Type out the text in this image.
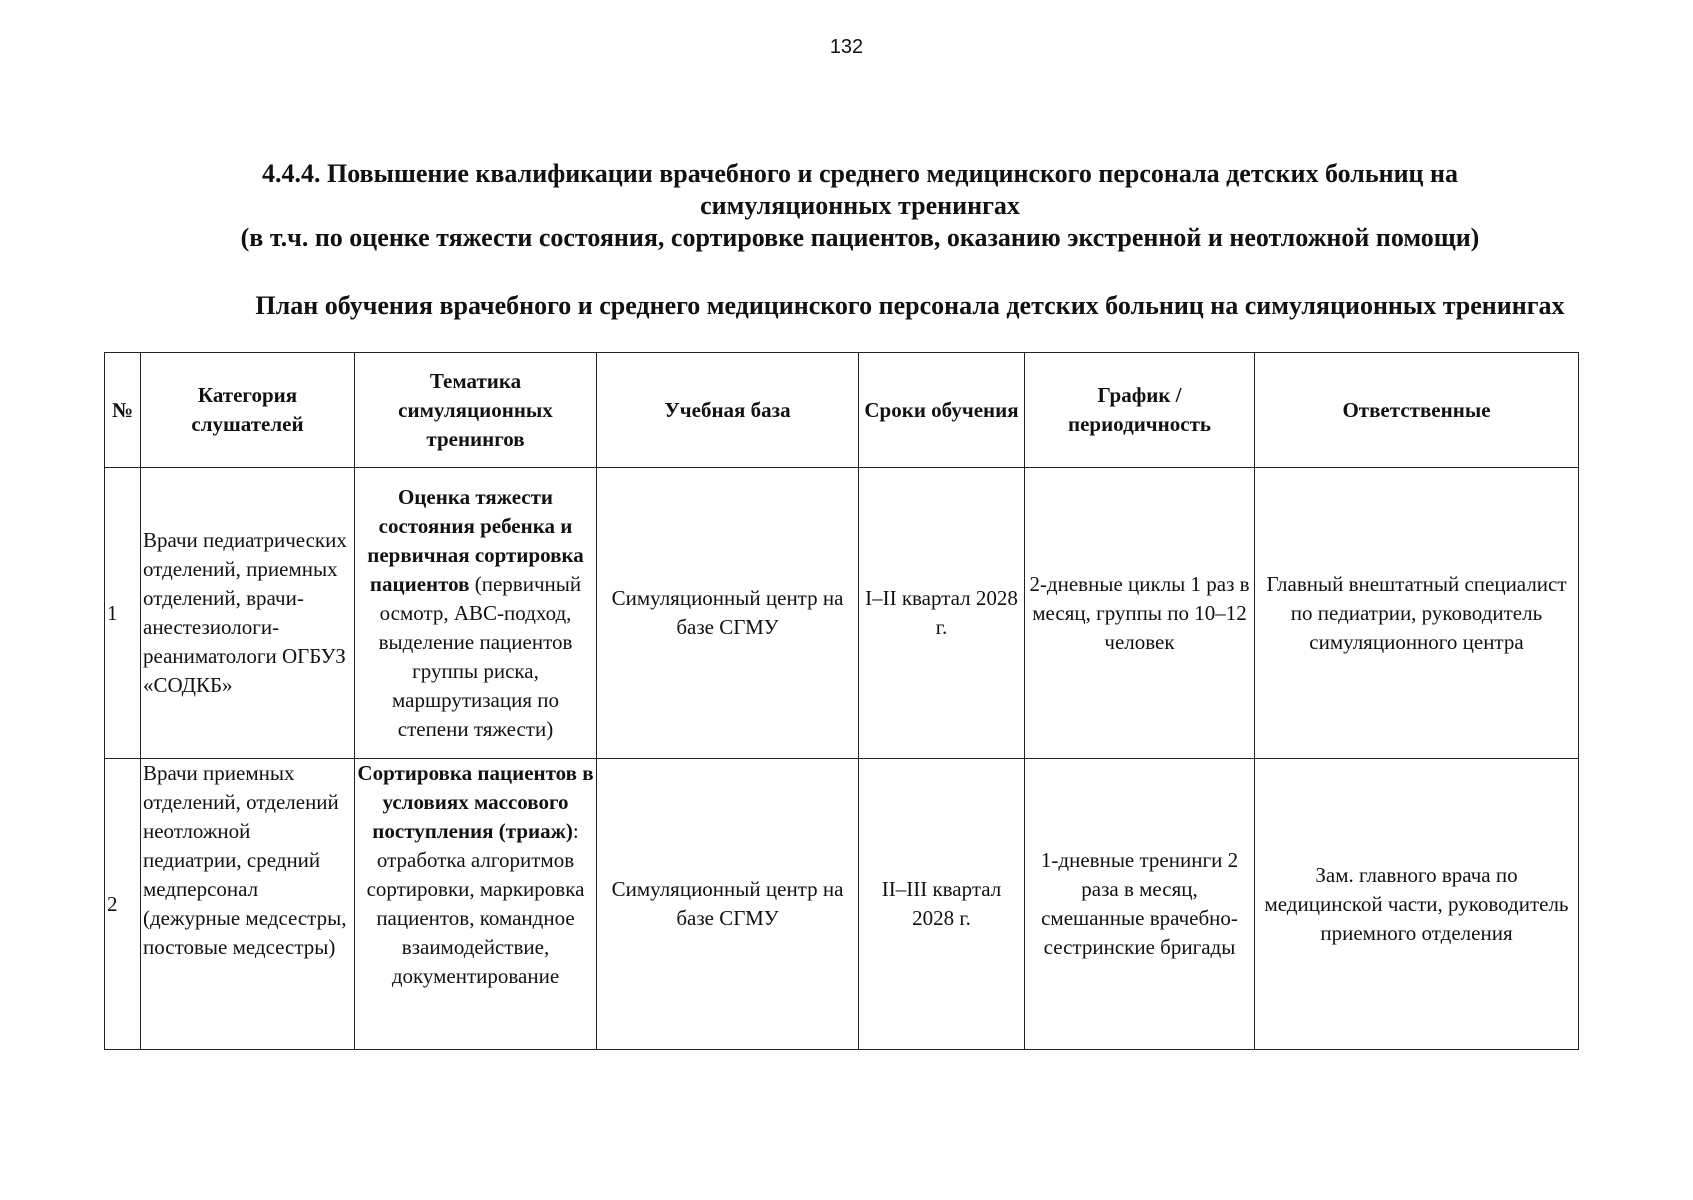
132
4.4.4. Повышение квалификации врачебного и среднего медицинского персонала детских больниц на
симуляционных тренингах
(в т.ч. по оценке тяжести состояния, сортировке пациентов, оказанию экстренной и неотложной помощи)
План обучения врачебного и среднего медицинского персонала детских больниц на симуляционных тренингах
№	Категория слушателей	Тематика симуляционных тренингов	Учебная база	Сроки обучения	График / периодичность	Ответственные
1	Врачи педиатрических отделений, приемных отделений, врачи-анестезиологи-реаниматологи ОГБУЗ «СОДКБ»	Оценка тяжести состояния ребенка и первичная сортировка пациентов (первичный осмотр, ABC-подход, выделение пациентов группы риска, маршрутизация по степени тяжести)	Симуляционный центр на базе СГМУ	I–II квартал 2028 г.	2-дневные циклы 1 раз в месяц, группы по 10–12 человек	Главный внештатный специалист по педиатрии, руководитель симуляционного центра
2	Врачи приемных отделений, отделений неотложной педиатрии, средний медперсонал (дежурные медсестры, постовые медсестры)	Сортировка пациентов в условиях массового поступления (триаж): отработка алгоритмов сортировки, маркировка пациентов, командное взаимодействие, документирование	Симуляционный центр на базе СГМУ	II–III квартал 2028 г.	1-дневные тренинги 2 раза в месяц, смешанные врачебно-сестринские бригады	Зам. главного врача по медицинской части, руководитель приемного отделения
